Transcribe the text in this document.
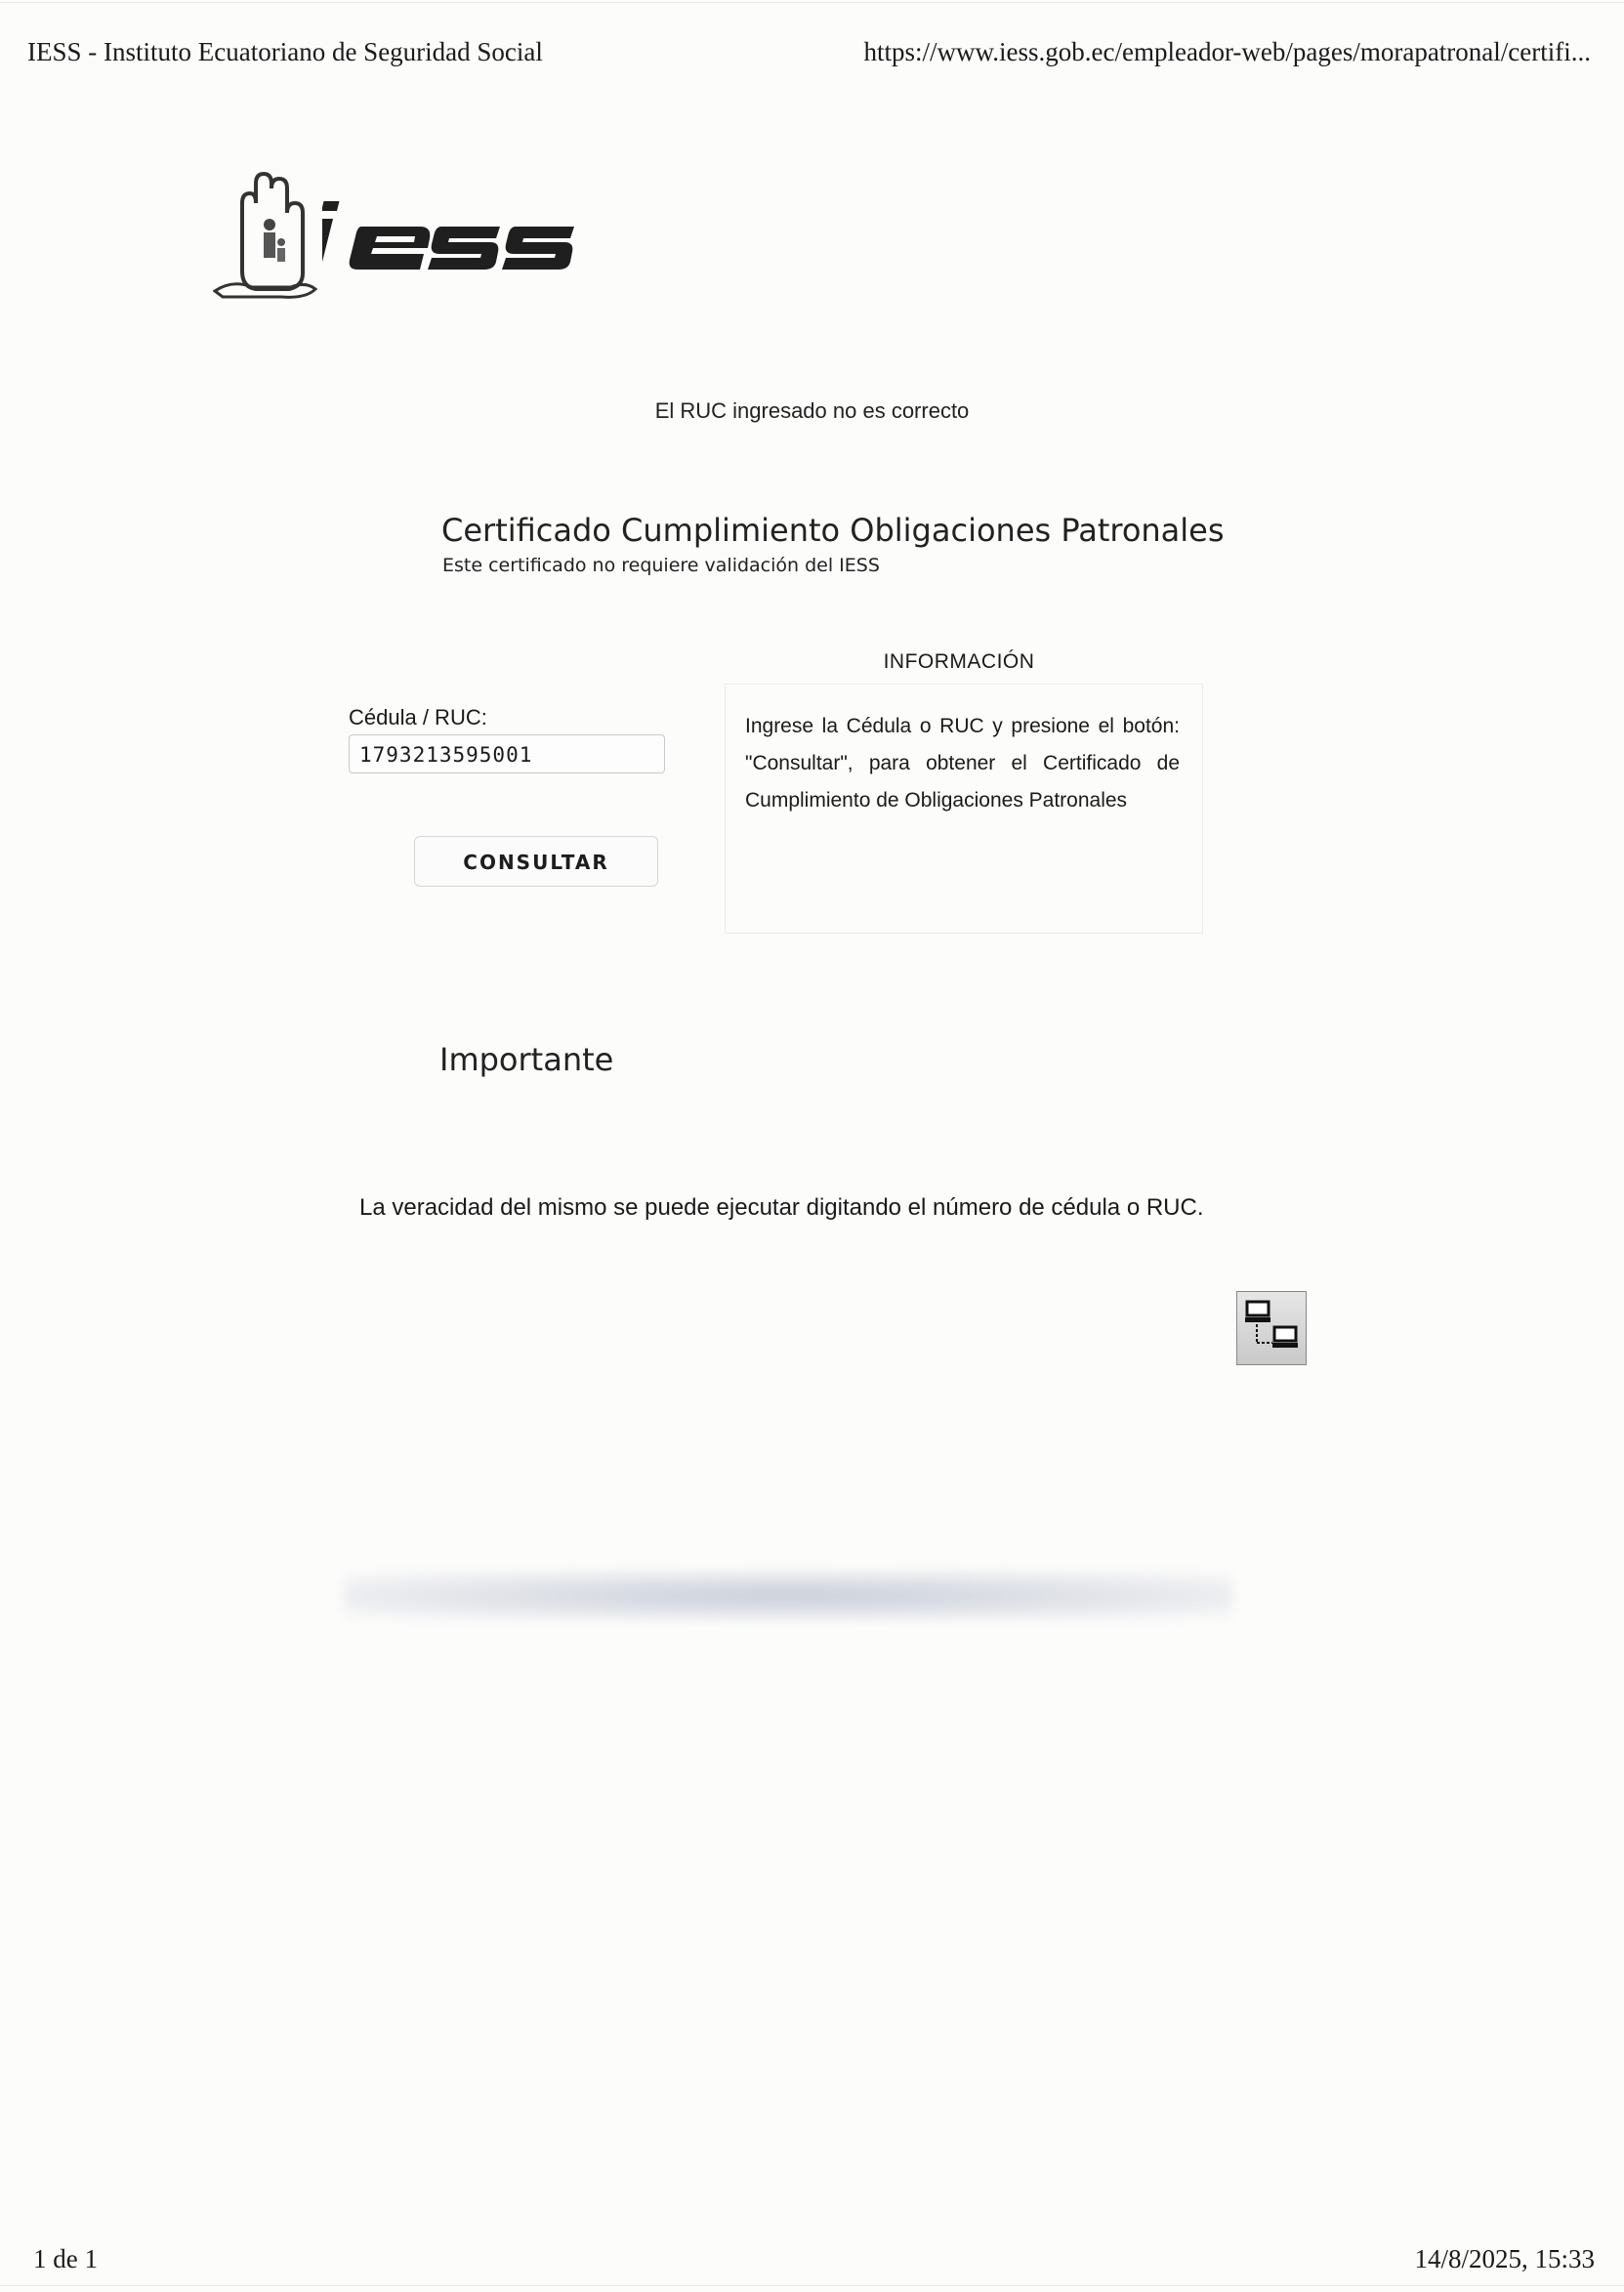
IESS - Instituto Ecuatoriano de Seguridad Social	https://www.iess.gob.ec/empleador-web/pages/morapatronal/certifi...
El RUC ingresado no es correcto
Certificado Cumplimiento Obligaciones Patronales
Este certificado no requiere validación del IESS
Cédula / RUC:
1793213595001
CONSULTAR
INFORMACIÓN
Ingrese la Cédula o RUC y presione el botón: "Consultar", para obtener el Certificado de Cumplimiento de Obligaciones Patronales
Importante
La veracidad del mismo se puede ejecutar digitando el número de cédula o RUC.
1 de 1	14/8/2025, 15:33
